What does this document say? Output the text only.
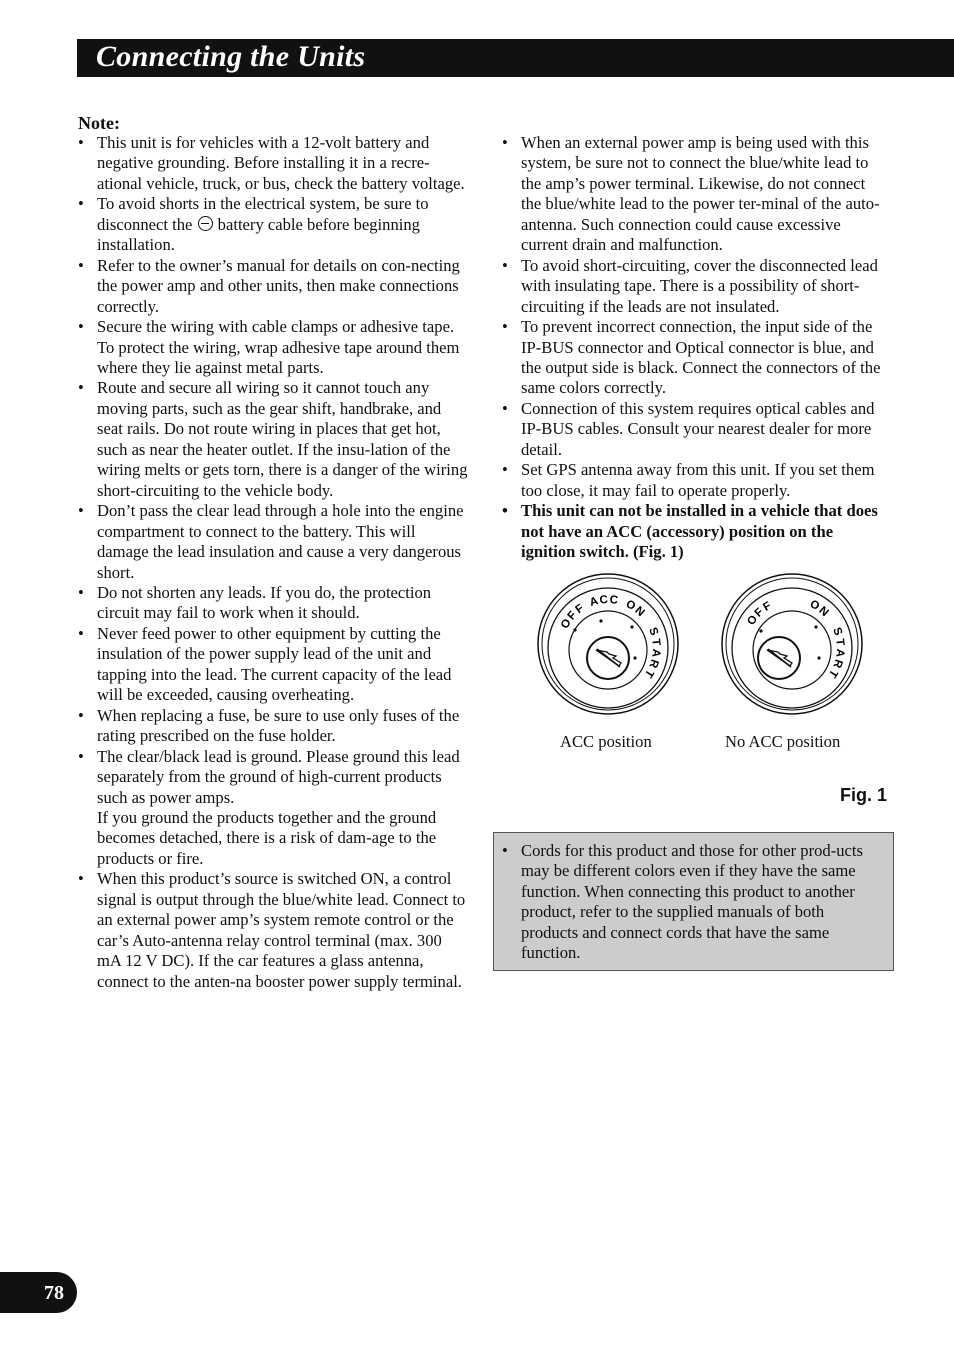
Connecting the Units

Note:

• This unit is for vehicles with a 12-volt battery and negative grounding. Before installing it in a recre-ational vehicle, truck, or bus, check the battery voltage.
• To avoid shorts in the electrical system, be sure to disconnect the  battery cable before beginning installation.
• Refer to the owner’s manual for details on con-necting the power amp and other units, then make connections correctly.
• Secure the wiring with cable clamps or adhesive tape. To protect the wiring, wrap adhesive tape around them where they lie against metal parts.
• Route and secure all wiring so it cannot touch any moving parts, such as the gear shift, handbrake, and seat rails. Do not route wiring in places that get hot, such as near the heater outlet. If the insu-lation of the wiring melts or gets torn, there is a danger of the wiring short-circuiting to the vehicle body.
• Don’t pass the clear lead through a hole into the engine compartment to connect to the battery. This will damage the lead insulation and cause a very dangerous short.
• Do not shorten any leads. If you do, the protection circuit may fail to work when it should.
• Never feed power to other equipment by cutting the insulation of the power supply lead of the unit and tapping into the lead. The current capacity of the lead will be exceeded, causing overheating.
• When replacing a fuse, be sure to use only fuses of the rating prescribed on the fuse holder.
• The clear/black lead is ground. Please ground this lead separately from the ground of high-current products such as power amps.
If you ground the products together and the ground becomes detached, there is a risk of dam-age to the products or fire.
• When this product’s source is switched ON, a control signal is output through the blue/white lead. Connect to an external power amp’s system remote control or the car’s Auto-antenna relay control terminal (max. 300 mA 12 V DC). If the car features a glass antenna, connect to the anten-na booster power supply terminal.
• When an external power amp is being used with this system, be sure not to connect the blue/white lead to the amp’s power terminal. Likewise, do not connect the blue/white lead to the power ter-minal of the auto-antenna. Such connection could cause excessive current drain and malfunction.
• To avoid short-circuiting, cover the disconnected lead with insulating tape. There is a possibility of short-circuiting if the leads are not insulated.
• To prevent incorrect connection, the input side of the IP-BUS connector and Optical connector is blue, and the output side is black. Connect the connectors of the same colors correctly.
• Connection of this system requires optical cables and IP-BUS cables. Consult your nearest dealer for more detail.
• Set GPS antenna away from this unit. If you set them too close, it may fail to operate properly.
• This unit can not be installed in a vehicle that does not have an ACC (accessory) position on the ignition switch. (Fig. 1)
O
F
F
A C C O
N
S
T
A
R
T
O
F
F	O
N
S
T
A
R
T
ACC position	No ACC position

Fig. 1

• Cords for this product and those for other prod-ucts may be different colors even if they have the same function. When connecting this product to another product, refer to the supplied manuals of both products and connect cords that have the same function.
78
